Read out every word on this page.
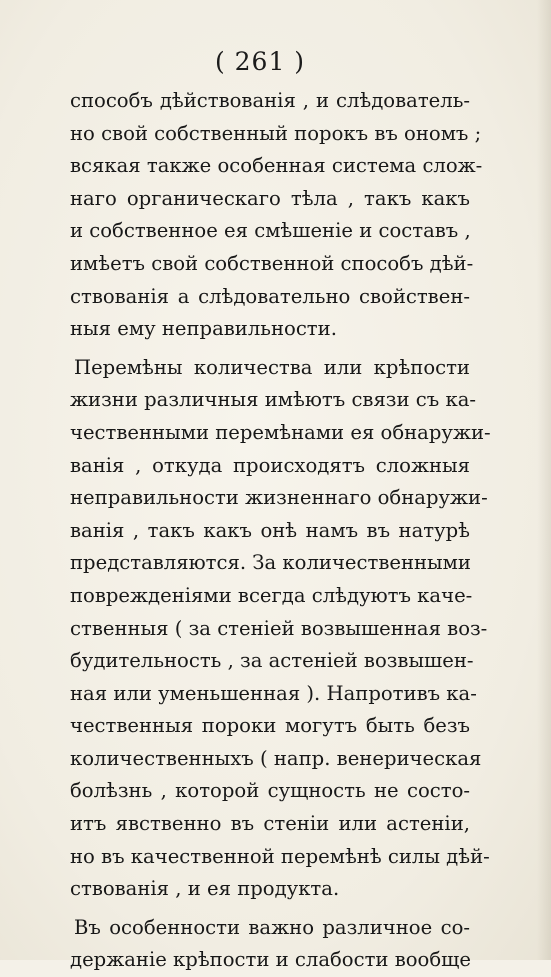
( 261 )
способъ дѣйствованія , и слѣдователь-
но свой собственный порокъ въ ономъ ;
всякая также особенная система слож-
наго органическаго тѣла , такъ какъ
и собственное ея смѣшеніе и составъ ,
имѣетъ свой собственной способъ дѣй-
ствованія а слѣдовательно свойствен-
ныя ему неправильности.
Перемѣны количества или крѣпости
жизни различныя имѣютъ связи съ ка-
чественными перемѣнами ея обнаружи-
ванія , откуда происходятъ сложныя
неправильности жизненнаго обнаружи-
ванія , такъ какъ онѣ намъ въ натурѣ
представляются. За количественными
поврежденіями всегда слѣдуютъ каче-
ственныя ( за стеніей возвышенная воз-
будительность , за астеніей возвышен-
ная или уменьшенная ). Напротивъ ка-
чественныя пороки могутъ быть безъ
количественныхъ ( напр. венерическая
болѣзнь , которой сущность не состо-
итъ явственно въ стеніи или астеніи,
но въ качественной перемѣнѣ силы дѣй-
ствованія , и ея продукта.
Въ особенности важно различное со-
держаніе крѣпости и слабости вообще
